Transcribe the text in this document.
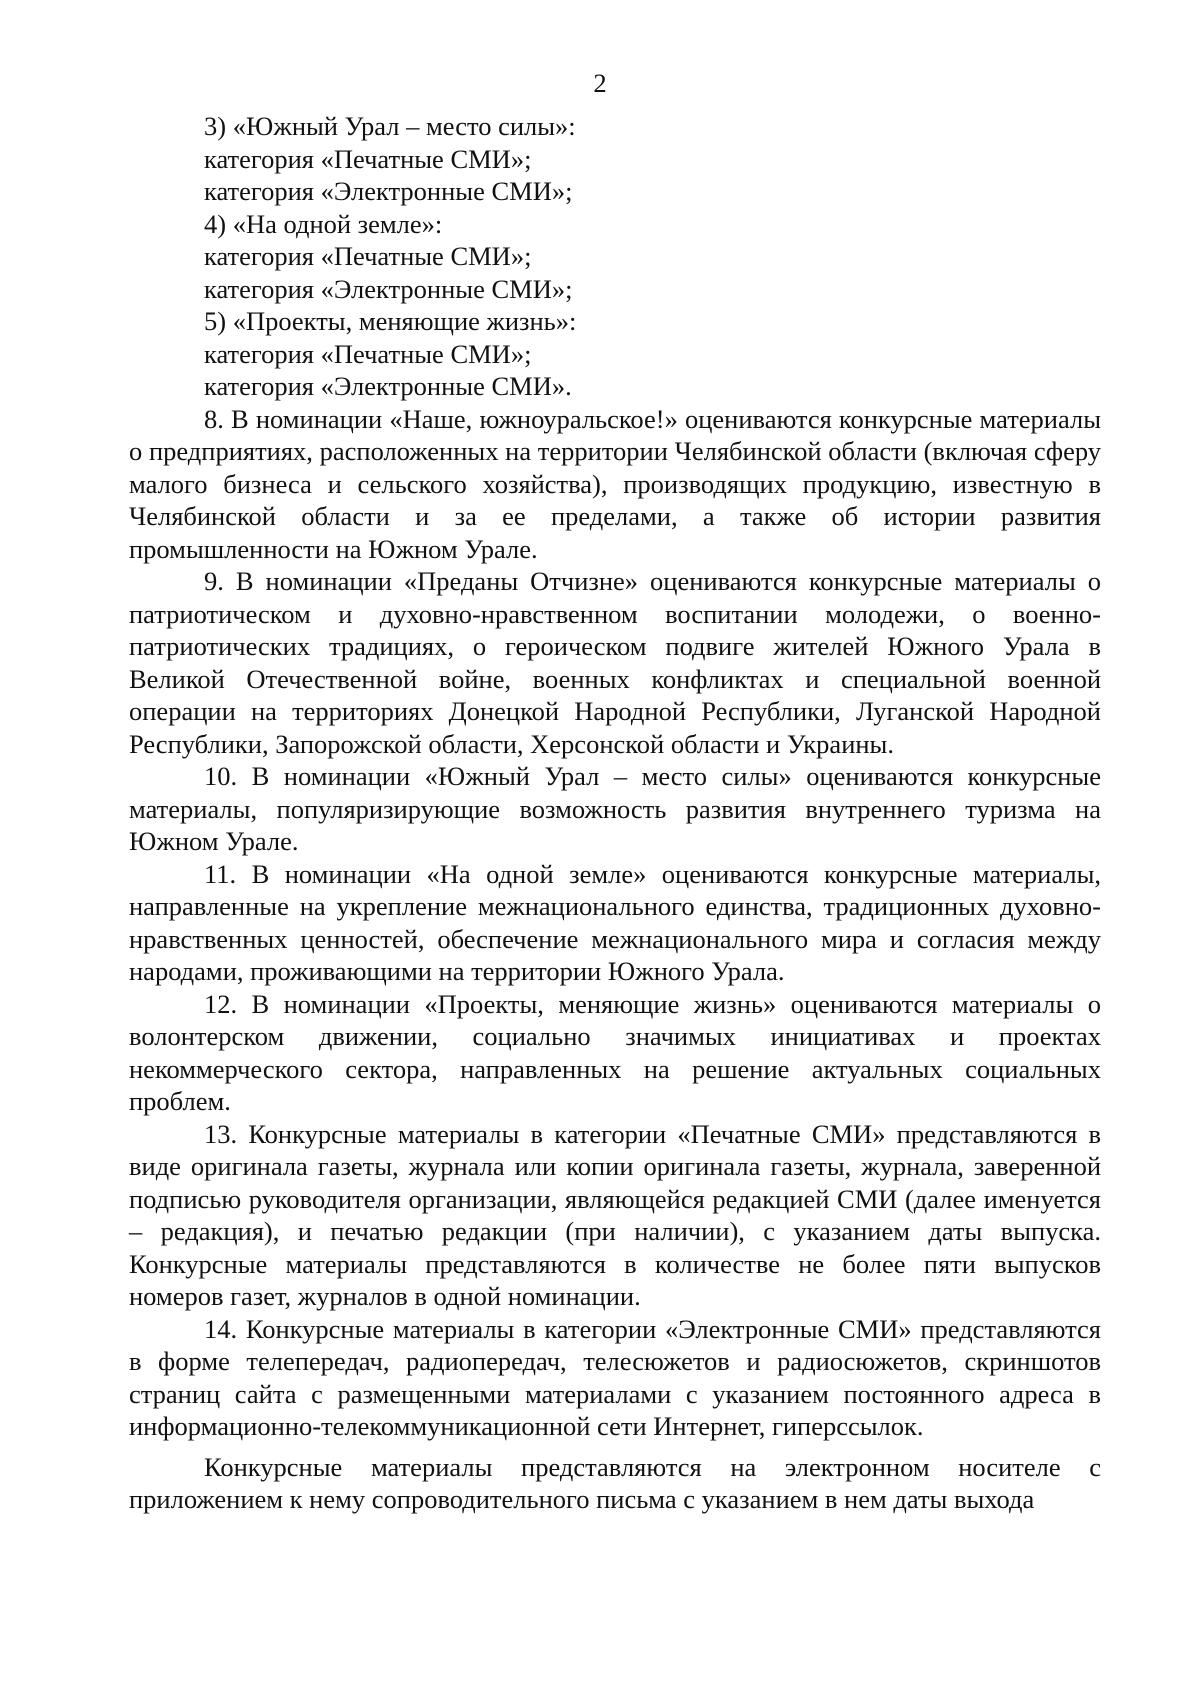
2
3) «Южный Урал – место силы»:
категория «Печатные СМИ»;
категория «Электронные СМИ»;
4) «На одной земле»:
категория «Печатные СМИ»;
категория «Электронные СМИ»;
5) «Проекты, меняющие жизнь»:
категория «Печатные СМИ»;
категория «Электронные СМИ».

8. В номинации «Наше, южноуральское!» оцениваются конкурсные материалы о предприятиях, расположенных на территории Челябинской области (включая сферу малого бизнеса и сельского хозяйства), производящих продукцию, известную в Челябинской области и за ее пределами, а также об истории развития промышленности на Южном Урале.

9. В номинации «Преданы Отчизне» оцениваются конкурсные материалы о патриотическом и духовно-нравственном воспитании молодежи, о военно-патриотических традициях, о героическом подвиге жителей Южного Урала в Великой Отечественной войне, военных конфликтах и специальной военной операции на территориях Донецкой Народной Республики, Луганской Народной Республики, Запорожской области, Херсонской области и Украины.

10. В номинации «Южный Урал – место силы» оцениваются конкурсные материалы, популяризирующие возможность развития внутреннего туризма на Южном Урале.

11. В номинации «На одной земле» оцениваются конкурсные материалы, направленные на укрепление межнационального единства, традиционных духовно-нравственных ценностей, обеспечение межнационального мира и согласия между народами, проживающими на территории Южного Урала.

12. В номинации «Проекты, меняющие жизнь» оцениваются материалы о волонтерском движении, социально значимых инициативах и проектах некоммерческого сектора, направленных на решение актуальных социальных проблем.

13. Конкурсные материалы в категории «Печатные СМИ» представляются в виде оригинала газеты, журнала или копии оригинала газеты, журнала, заверенной подписью руководителя организации, являющейся редакцией СМИ (далее именуется – редакция), и печатью редакции (при наличии), с указанием даты выпуска. Конкурсные материалы представляются в количестве не более пяти выпусков номеров газет, журналов в одной номинации.

14. Конкурсные материалы в категории «Электронные СМИ» представляются в форме телепередач, радиопередач, телесюжетов и радиосюжетов, скриншотов страниц сайта с размещенными материалами с указанием постоянного адреса в информационно-телекоммуникационной сети Интернет, гиперссылок.

Конкурсные материалы представляются на электронном носителе с приложением к нему сопроводительного письма с указанием в нем даты выхода
